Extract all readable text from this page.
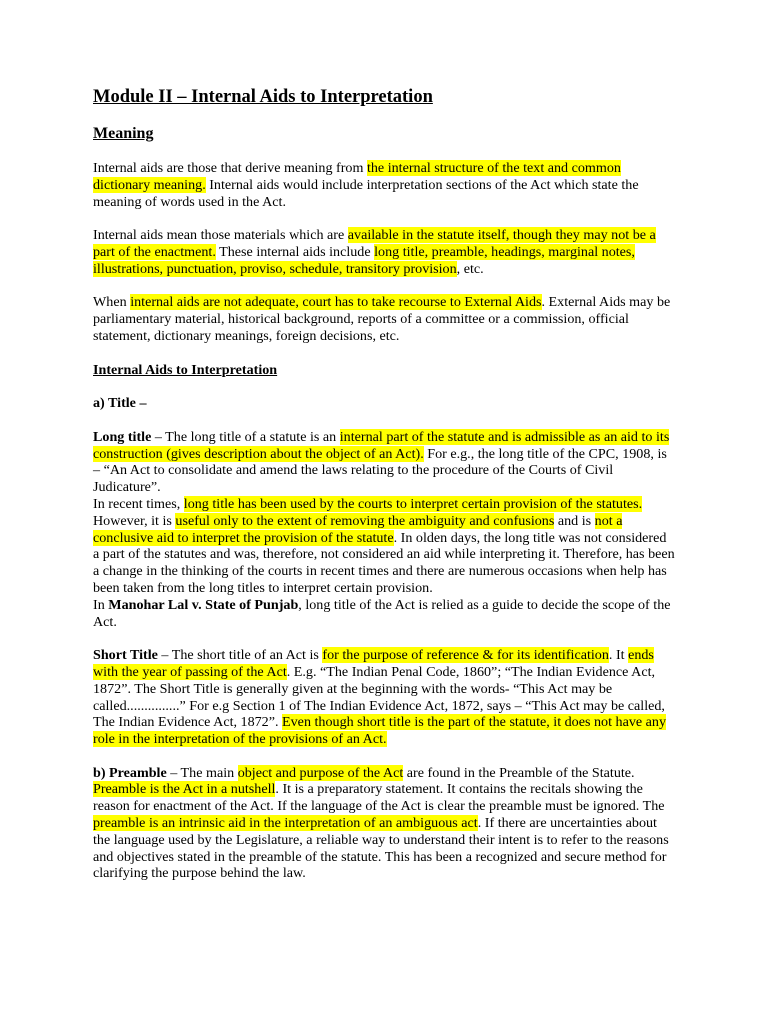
Module II – Internal Aids to Interpretation
Meaning

Internal aids are those that derive meaning from the internal structure of the text and common dictionary meaning. Internal aids would include interpretation sections of the Act which state the meaning of words used in the Act.

Internal aids mean those materials which are available in the statute itself, though they may not be a part of the enactment. These internal aids include long title, preamble, headings, marginal notes, illustrations, punctuation, proviso, schedule, transitory provision, etc.

When internal aids are not adequate, court has to take recourse to External Aids. External Aids may be parliamentary material, historical background, reports of a committee or a commission, official statement, dictionary meanings, foreign decisions, etc.

Internal Aids to Interpretation
a) Title –

Long title – The long title of a statute is an internal part of the statute and is admissible as an aid to its construction (gives description about the object of an Act). For e.g., the long title of the CPC, 1908, is – “An Act to consolidate and amend the laws relating to the procedure of the Courts of Civil Judicature”.

In recent times, long title has been used by the courts to interpret certain provision of the statutes. However, it is useful only to the extent of removing the ambiguity and confusions and is not a conclusive aid to interpret the provision of the statute. In olden days, the long title was not considered a part of the statutes and was, therefore, not considered an aid while interpreting it. Therefore, has been a change in the thinking of the courts in recent times and there are numerous occasions when help has been taken from the long titles to interpret certain provision.

In Manohar Lal v. State of Punjab, long title of the Act is relied as a guide to decide the scope of the Act.

Short Title – The short title of an Act is for the purpose of reference & for its identification. It ends with the year of passing of the Act. E.g. “The Indian Penal Code, 1860”; “The Indian Evidence Act, 1872”. The Short Title is generally given at the beginning with the words- “This Act may be called...............” For e.g Section 1 of The Indian Evidence Act, 1872, says – “This Act may be called, The Indian Evidence Act, 1872”. Even though short title is the part of the statute, it does not have any role in the interpretation of the provisions of an Act.

b) Preamble – The main object and purpose of the Act are found in the Preamble of the Statute. Preamble is the Act in a nutshell. It is a preparatory statement. It contains the recitals showing the reason for enactment of the Act. If the language of the Act is clear the preamble must be ignored. The preamble is an intrinsic aid in the interpretation of an ambiguous act. If there are uncertainties about the language used by the Legislature, a reliable way to understand their intent is to refer to the reasons and objectives stated in the preamble of the statute. This has been a recognized and secure method for clarifying the purpose behind the law.
